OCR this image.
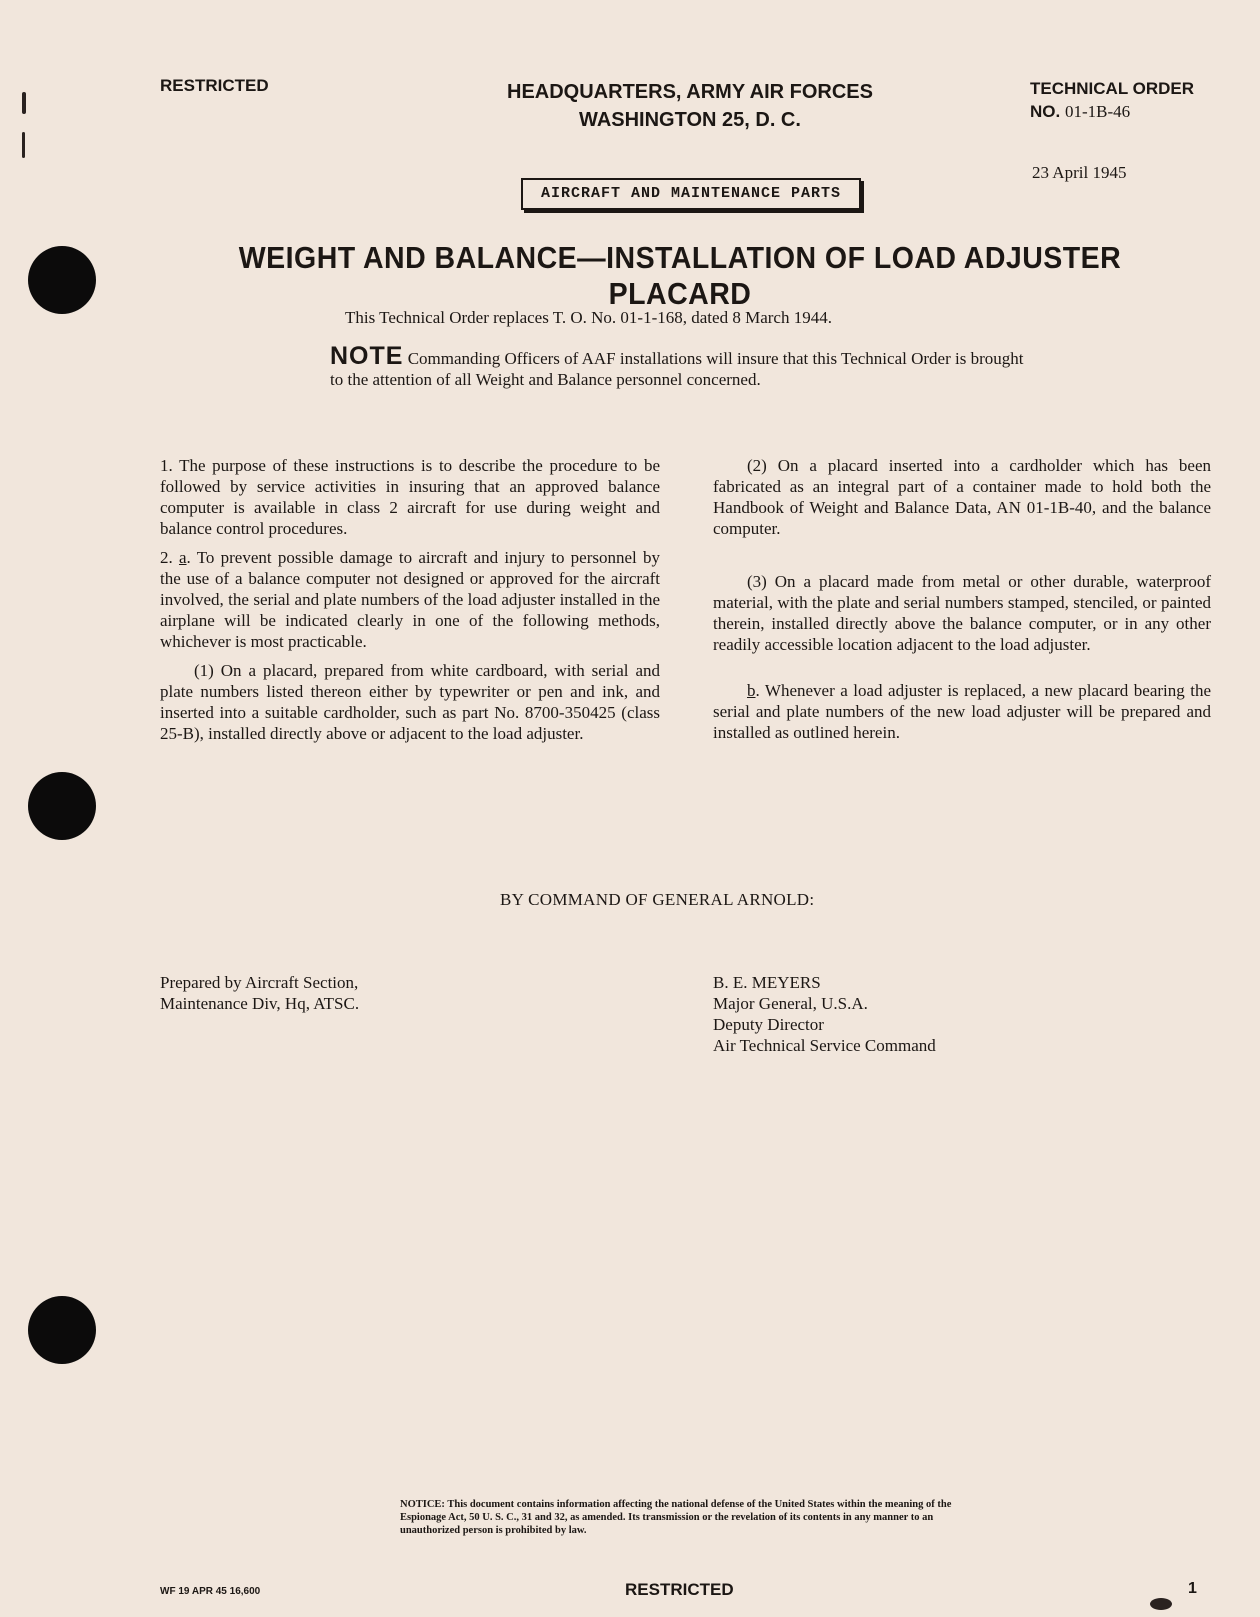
RESTRICTED	HEADQUARTERS, ARMY AIR FORCES
WASHINGTON 25, D. C.
TECHNICAL ORDER
NO. 01-1B-46
23 April 1945
AIRCRAFT AND MAINTENANCE PARTS
WEIGHT AND BALANCE—INSTALLATION OF LOAD ADJUSTER PLACARD
This Technical Order replaces T. O. No. 01-1-168, dated 8 March 1944.
NOTE Commanding Officers of AAF installations will insure that this Technical Order is brought to the attention of all Weight and Balance personnel concerned.

1. The purpose of these instructions is to describe the procedure to be followed by service activities in insuring that an approved balance computer is available in class 2 aircraft for use during weight and balance control procedures.

2. a. To prevent possible damage to aircraft and injury to personnel by the use of a balance computer not designed or approved for the aircraft involved, the serial and plate numbers of the load adjuster installed in the airplane will be indicated clearly in one of the following methods, whichever is most practicable.

(1) On a placard, prepared from white cardboard, with serial and plate numbers listed thereon either by typewriter or pen and ink, and inserted into a suitable cardholder, such as part No. 8700-350425 (class 25-B), installed directly above or adjacent to the load adjuster.

(2) On a placard inserted into a cardholder which has been fabricated as an integral part of a container made to hold both the Handbook of Weight and Balance Data, AN 01-1B-40, and the balance computer.

(3) On a placard made from metal or other durable, waterproof material, with the plate and serial numbers stamped, stenciled, or painted therein, installed directly above the balance computer, or in any other readily accessible location adjacent to the load adjuster.

b. Whenever a load adjuster is replaced, a new placard bearing the serial and plate numbers of the new load adjuster will be prepared and installed as outlined herein.

BY COMMAND OF GENERAL ARNOLD:
Prepared by Aircraft Section,
Maintenance Div, Hq, ATSC.
B. E. MEYERS
Major General, U.S.A.
Deputy Director
Air Technical Service Command
NOTICE: This document contains information affecting the national defense of the United States within the meaning of the Espionage Act, 50 U. S. C., 31 and 32, as amended. Its transmission or the revelation of its contents in any manner to an unauthorized person is prohibited by law.
WF 19 APR 45 16,600	RESTRICTED	1
